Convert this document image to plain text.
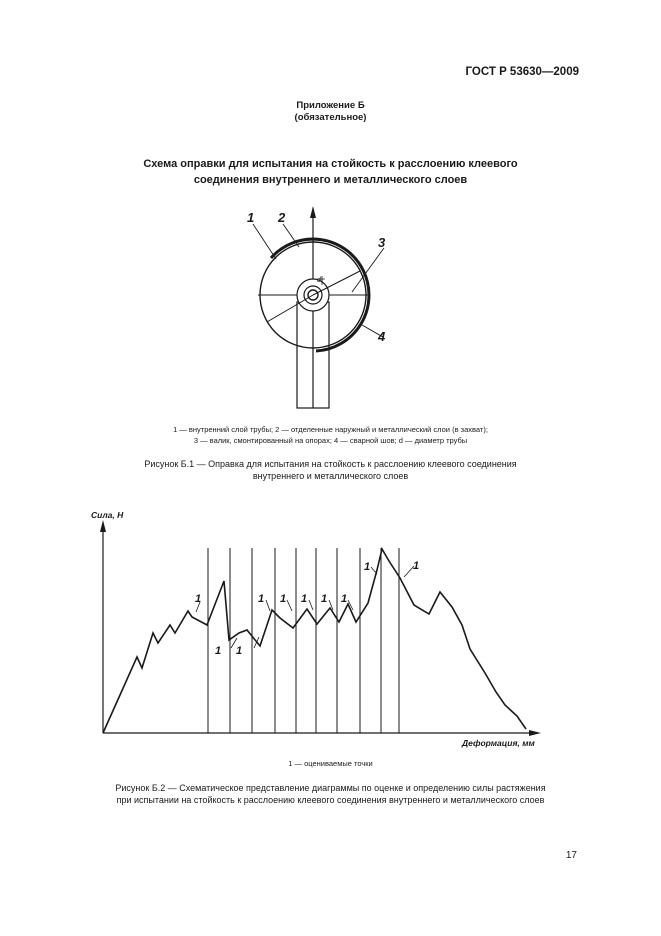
ГОСТ Р 53630—2009
Приложение Б
(обязательное)
Схема оправки для испытания на стойкость к расслоению клеевого
соединения внутреннего и металлического слоев
1 2
3
4
d
1 — внутренний слой трубы; 2 — отделенные наружный и металлический слои (в захват);
3 — валик, смонтированный на опорах; 4 — сварной шов; d — диаметр трубы
Рисунок Б.1 — Оправка для испытания на стойкость к расслоению клеевого соединения
внутреннего и металлического слоев
1
1 1
1 1 1 1 1
1	1
Сила, Н
Деформация, мм
1 — оцениваемые точки
Рисунок Б.2 — Схематическое представление диаграммы по оценке и определению силы растяжения
при испытании на стойкость к расслоению клеевого соединения внутреннего и металлического слоев
17
